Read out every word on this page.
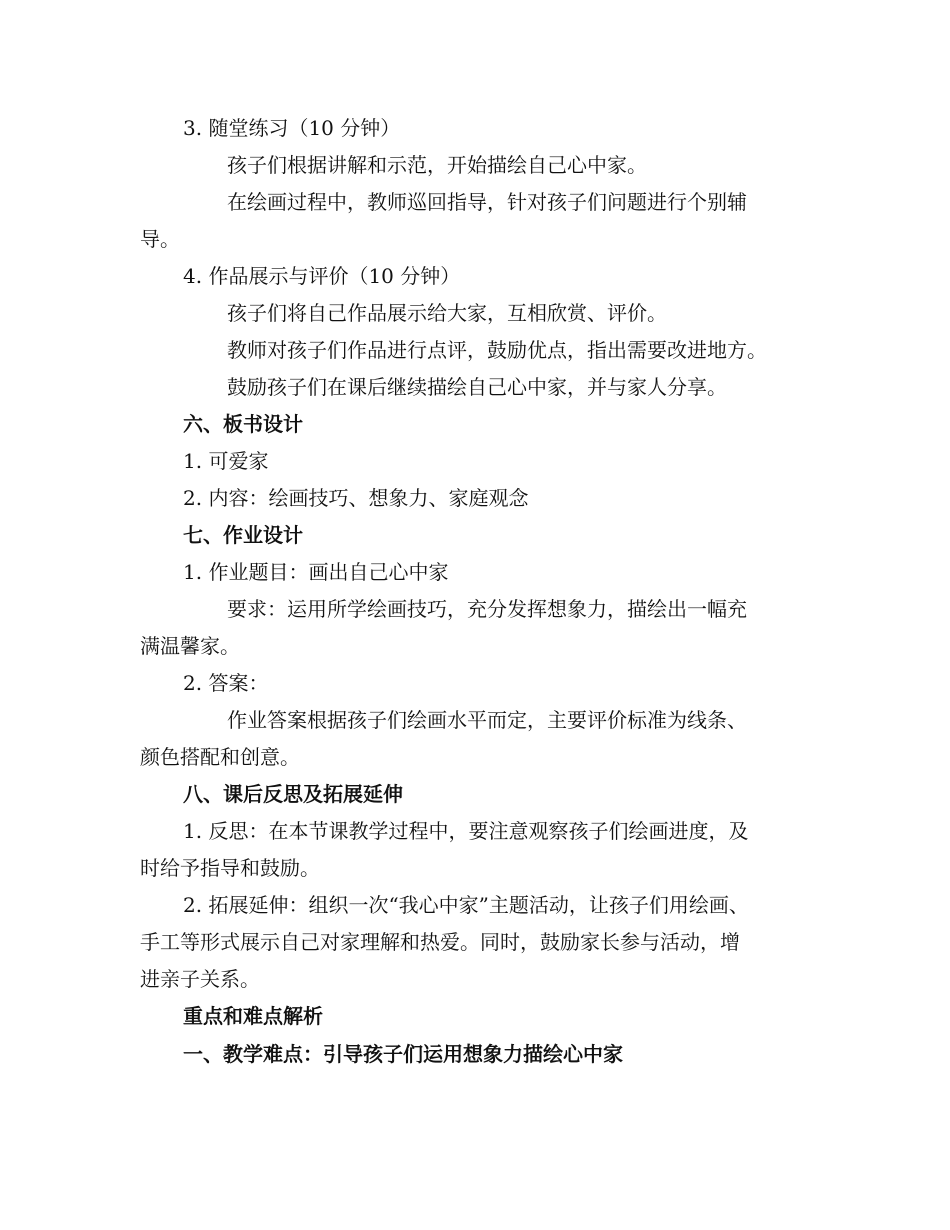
3. 随堂练习（10 分钟）
孩子们根据讲解和示范，开始描绘自己心中家。
在绘画过程中，教师巡回指导，针对孩子们问题进行个别辅
导。
4. 作品展示与评价（10 分钟）
孩子们将自己作品展示给大家，互相欣赏、评价。
教师对孩子们作品进行点评，鼓励优点，指出需要改进地方。
鼓励孩子们在课后继续描绘自己心中家，并与家人分享。
六、板书设计
1. 可爱家
2. 内容：绘画技巧、想象力、家庭观念
七、作业设计
1. 作业题目：画出自己心中家
要求：运用所学绘画技巧，充分发挥想象力，描绘出一幅充
满温馨家。
2. 答案：
作业答案根据孩子们绘画水平而定，主要评价标准为线条、
颜色搭配和创意。
八、课后反思及拓展延伸
1. 反思：在本节课教学过程中，要注意观察孩子们绘画进度，及
时给予指导和鼓励。
2. 拓展延伸：组织一次“我心中家”主题活动，让孩子们用绘画、
手工等形式展示自己对家理解和热爱。同时，鼓励家长参与活动，增
进亲子关系。
重点和难点解析
一、教学难点：引导孩子们运用想象力描绘心中家
